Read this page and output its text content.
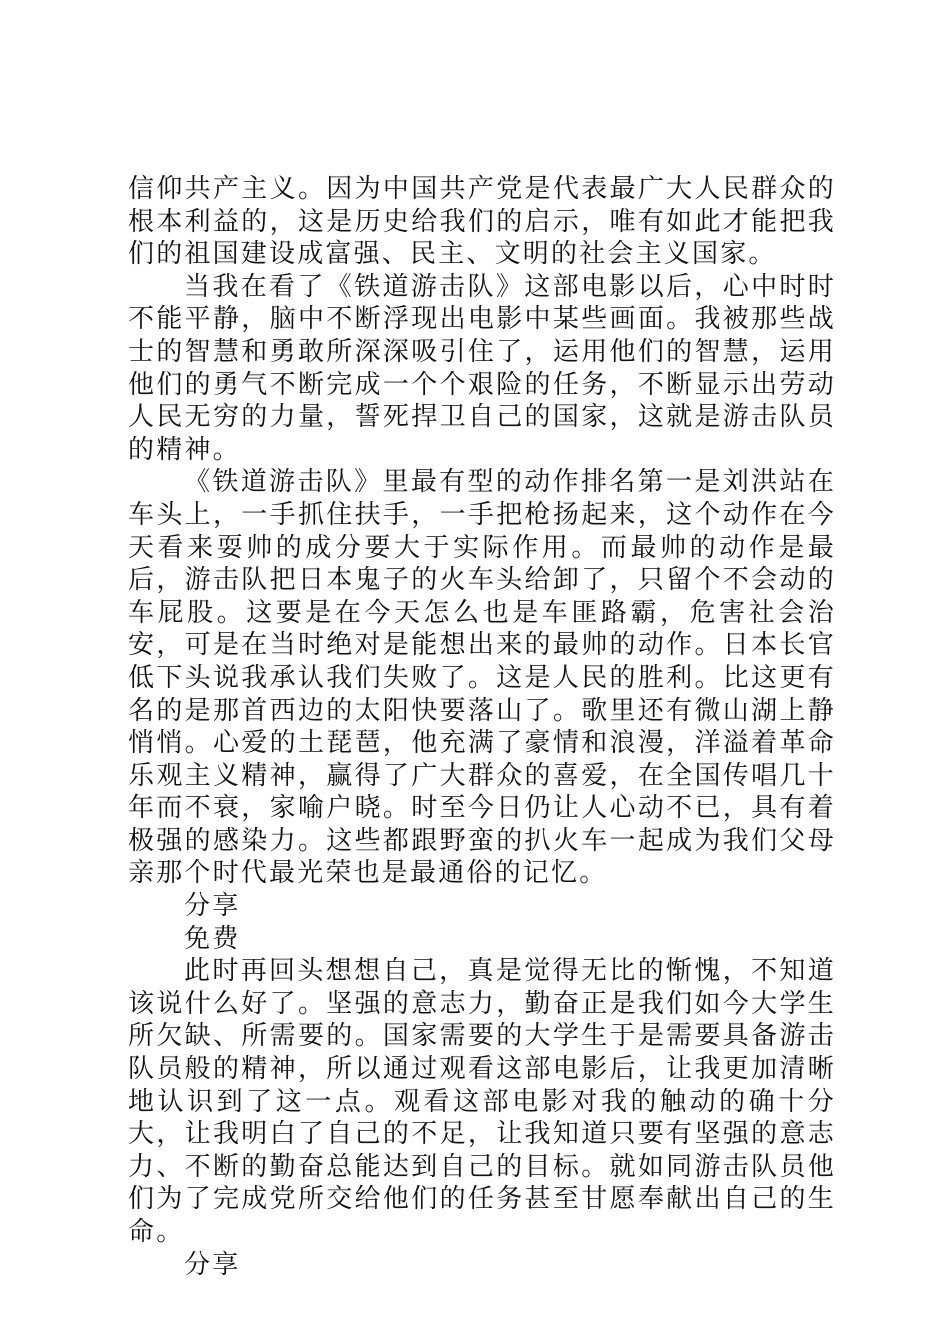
信仰共产主义。因为中国共产党是代表最广大人民群众的根本利益的，这是历史给我们的启示，唯有如此才能把我们的祖国建设成富强、民主、文明的社会主义国家。

当我在看了《铁道游击队》这部电影以后，心中时时不能平静，脑中不断浮现出电影中某些画面。我被那些战士的智慧和勇敢所深深吸引住了，运用他们的智慧，运用他们的勇气不断完成一个个艰险的任务，不断显示出劳动人民无穷的力量，誓死捍卫自己的国家，这就是游击队员的精神。

《铁道游击队》里最有型的动作排名第一是刘洪站在车头上，一手抓住扶手，一手把枪扬起来，这个动作在今天看来耍帅的成分要大于实际作用。而最帅的动作是最后，游击队把日本鬼子的火车头给卸了，只留个不会动的车屁股。这要是在今天怎么也是车匪路霸，危害社会治安，可是在当时绝对是能想出来的最帅的动作。日本长官低下头说我承认我们失败了。这是人民的胜利。比这更有名的是那首西边的太阳快要落山了。歌里还有微山湖上静悄悄。心爱的土琵琶，他充满了豪情和浪漫，洋溢着革命乐观主义精神，赢得了广大群众的喜爱，在全国传唱几十年而不衰，家喻户晓。时至今日仍让人心动不已，具有着极强的感染力。这些都跟野蛮的扒火车一起成为我们父母亲那个时代最光荣也是最通俗的记忆。

分享

免费

此时再回头想想自己，真是觉得无比的惭愧，不知道该说什么好了。坚强的意志力，勤奋正是我们如今大学生所欠缺、所需要的。国家需要的大学生于是需要具备游击队员般的精神，所以通过观看这部电影后，让我更加清晰地认识到了这一点。观看这部电影对我的触动的确十分大，让我明白了自己的不足，让我知道只要有坚强的意志力、不断的勤奋总能达到自己的目标。就如同游击队员他们为了完成党所交给他们的任务甚至甘愿奉献出自己的生命。

分享
